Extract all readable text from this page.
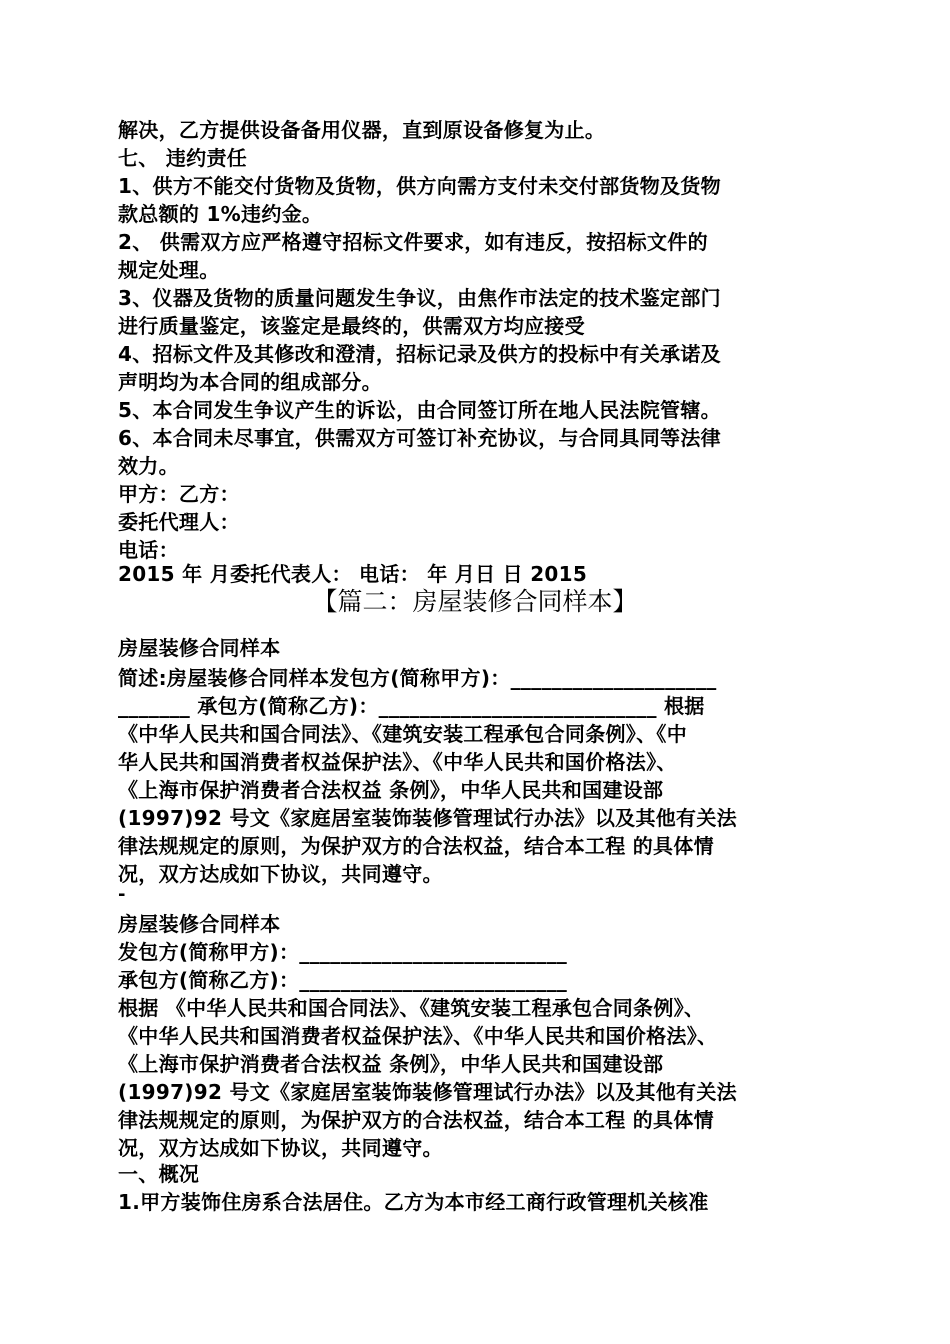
解决，乙方提供设备备用仪器，直到原设备修复为止。
七、 违约责任
1、供方不能交付货物及货物，供方向需方支付未交付部货物及货物
款总额的 1%违约金。
2、 供需双方应严格遵守招标文件要求，如有违反，按招标文件的
规定处理。
3、仪器及货物的质量问题发生争议，由焦作市法定的技术鉴定部门
进行质量鉴定，该鉴定是最终的，供需双方均应接受
4、招标文件及其修改和澄清，招标记录及供方的投标中有关承诺及
声明均为本合同的组成部分。
5、本合同发生争议产生的诉讼，由合同签订所在地人民法院管辖。
6、本合同未尽事宜，供需双方可签订补充协议，与合同具同等法律
效力。
甲方：乙方：
委托代理人：
电话：
2015 年 月委托代表人： 电话： 年 月日 日 2015
【篇二：房屋装修合同样本】
房屋装修合同样本
简述:房屋装修合同样本发包方(简称甲方)：____________________
_______ 承包方(简称乙方)：___________________________ 根据
《中华人民共和国合同法》、《建筑安装工程承包合同条例》、《中
华人民共和国消费者权益保护法》、《中华人民共和国价格法》、
《上海市保护消费者合法权益 条例》，中华人民共和国建设部
(1997)92 号文《家庭居室装饰装修管理试行办法》以及其他有关法
律法规规定的原则，为保护双方的合法权益，结合本工程 的具体情
况，双方达成如下协议，共同遵守。
-
房屋装修合同样本
发包方(简称甲方)：__________________________
承包方(简称乙方)：__________________________
根据 《中华人民共和国合同法》、《建筑安装工程承包合同条例》、
《中华人民共和国消费者权益保护法》、《中华人民共和国价格法》、
《上海市保护消费者合法权益 条例》，中华人民共和国建设部
(1997)92 号文《家庭居室装饰装修管理试行办法》以及其他有关法
律法规规定的原则，为保护双方的合法权益，结合本工程 的具体情
况，双方达成如下协议，共同遵守。
一、概况
1.甲方装饰住房系合法居住。乙方为本市经工商行政管理机关核准
